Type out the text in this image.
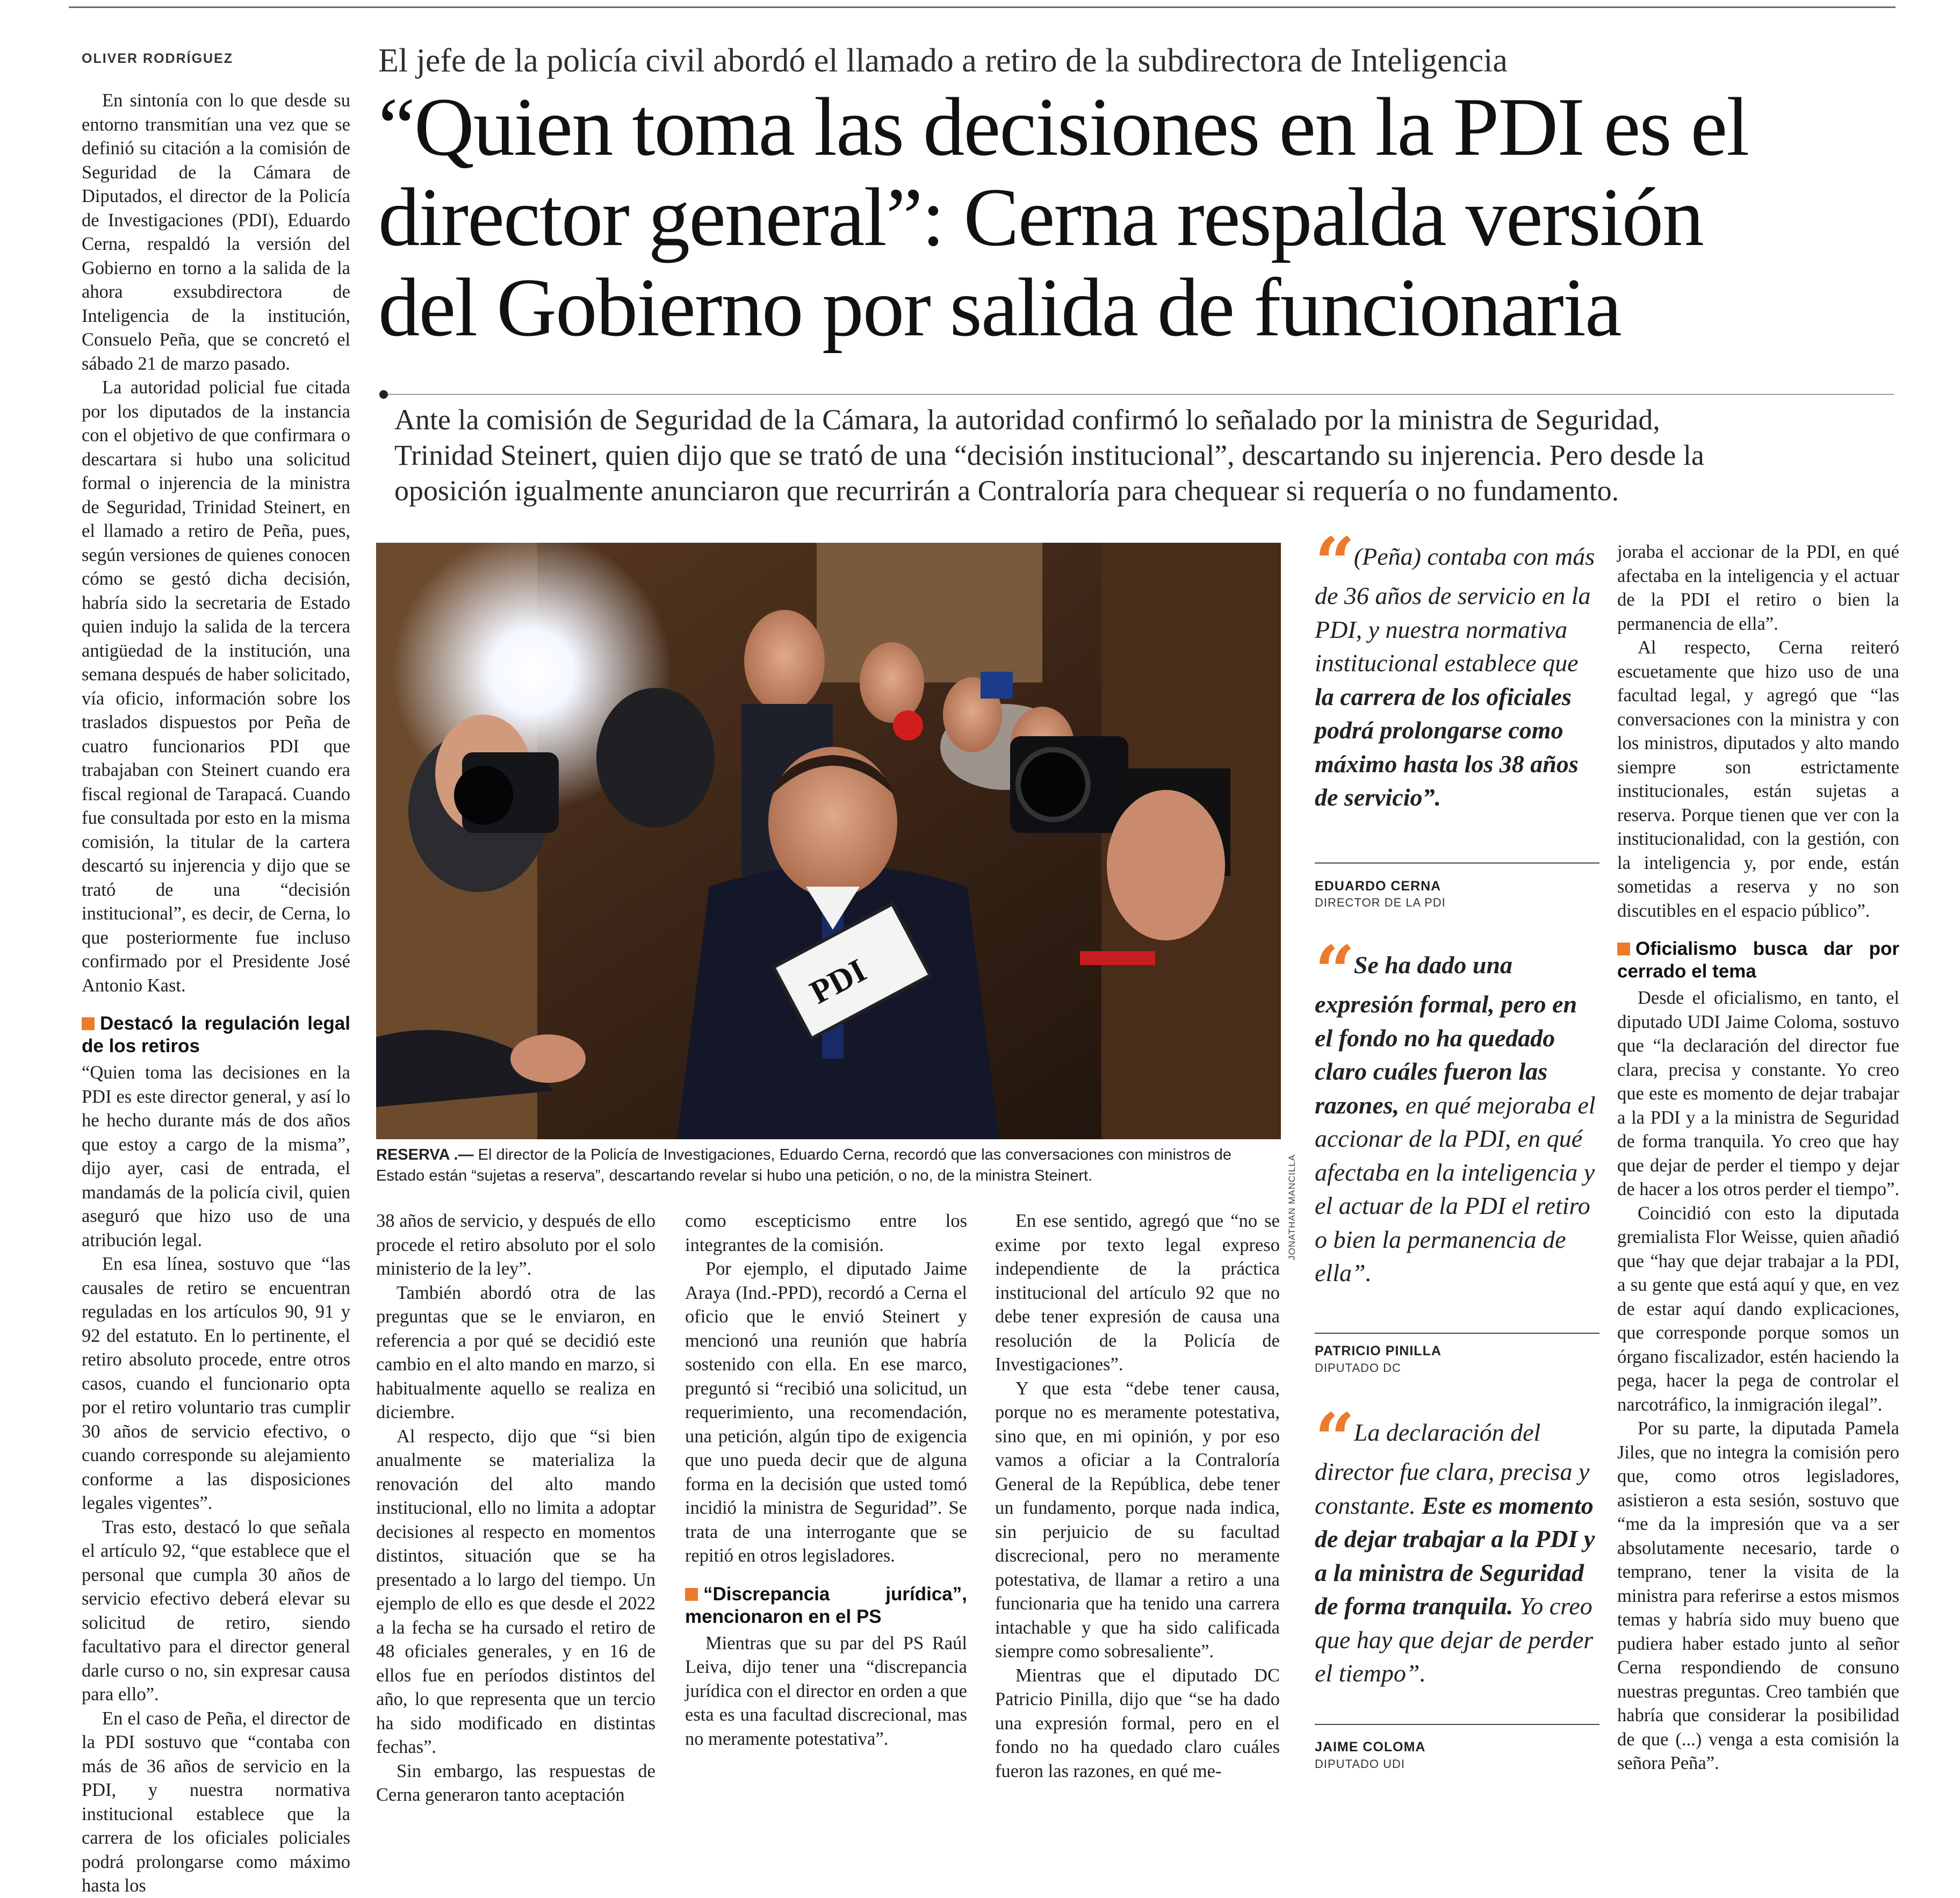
OLIVER RODRÍGUEZ

En sintonía con lo que desde su entorno transmitían una vez que se definió su citación a la comisión de Seguridad de la Cámara de Diputados, el director de la Policía de Investigaciones (PDI), Eduardo Cerna, respaldó la versión del Gobierno en torno a la salida de la ahora exsubdirectora de Inteligencia de la institución, Consuelo Peña, que se concretó el sábado 21 de marzo pasado.

La autoridad policial fue citada por los diputados de la instancia con el objetivo de que confirmara o descartara si hubo una solicitud formal o injerencia de la ministra de Seguridad, Trinidad Steinert, en el llamado a retiro de Peña, pues, según versiones de quienes conocen cómo se gestó dicha decisión, habría sido la secretaria de Estado quien indujo la salida de la tercera antigüedad de la institución, una semana después de haber solicitado, vía oficio, información sobre los traslados dispuestos por Peña de cuatro funcionarios PDI que trabajaban con Steinert cuando era fiscal regional de Tarapacá. Cuando fue consultada por esto en la misma comisión, la titular de la cartera descartó su injerencia y dijo que se trató de una “decisión institucional”, es decir, de Cerna, lo que posteriormente fue incluso confirmado por el Presidente José Antonio Kast.

Destacó la regulación legal de los retiros

“Quien toma las decisiones en la PDI es este director general, y así lo he hecho durante más de dos años que estoy a cargo de la misma”, dijo ayer, casi de entrada, el mandamás de la policía civil, quien aseguró que hizo uso de una atribución legal.

En esa línea, sostuvo que “las causales de retiro se encuentran reguladas en los artículos 90, 91 y 92 del estatuto. En lo pertinente, el retiro absoluto procede, entre otros casos, cuando el funcionario opta por el retiro voluntario tras cumplir 30 años de servicio efectivo, o cuando corresponde su alejamiento conforme a las disposiciones legales vigentes”.

Tras esto, destacó lo que señala el artículo 92, “que establece que el personal que cumpla 30 años de servicio efectivo deberá elevar su solicitud de retiro, siendo facultativo para el director general darle curso o no, sin expresar causa para ello”.

En el caso de Peña, el director de la PDI sostuvo que “contaba con más de 36 años de servicio en la PDI, y nuestra normativa institucional establece que la carrera de los oficiales policiales podrá prolongarse como máximo hasta los

El jefe de la policía civil abordó el llamado a retiro de la subdirectora de Inteligencia
“Quien toma las decisiones en la PDI es el
director general”: Cerna respalda versión
del Gobierno por salida de funcionaria
Ante la comisión de Seguridad de la Cámara, la autoridad confirmó lo señalado por la ministra de Seguridad,
Trinidad Steinert, quien dijo que se trató de una “decisión institucional”, descartando su injerencia. Pero desde la
oposición igualmente anunciaron que recurrirán a Contraloría para chequear si requería o no fundamento.
PDI
JONATHAN MANCILLA
RESERVA .— El director de la Policía de Investigaciones, Eduardo Cerna, recordó que las conversaciones con ministros de Estado están “sujetas a reserva”, descartando revelar si hubo una petición, o no, de la ministra Steinert.

38 años de servicio, y después de ello procede el retiro absoluto por el solo ministerio de la ley”.

También abordó otra de las preguntas que se le enviaron, en referencia a por qué se decidió este cambio en el alto mando en marzo, si habitualmente aquello se realiza en diciembre.

Al respecto, dijo que “si bien anualmente se materializa la renovación del alto mando institucional, ello no limita a adoptar decisiones al respecto en momentos distintos, situación que se ha presentado a lo largo del tiempo. Un ejemplo de ello es que desde el 2022 a la fecha se ha cursado el retiro de 48 oficiales generales, y en 16 de ellos fue en períodos distintos del año, lo que representa que un tercio ha sido modificado en distintas fechas”.

Sin embargo, las respuestas de Cerna generaron tanto aceptación

como escepticismo entre los integrantes de la comisión.

Por ejemplo, el diputado Jaime Araya (Ind.-PPD), recordó a Cerna el oficio que le envió Steinert y mencionó una reunión que habría sostenido con ella. En ese marco, preguntó si “recibió una solicitud, un requerimiento, una recomendación, una petición, algún tipo de exigencia que uno pueda decir que de alguna forma en la decisión que usted tomó incidió la ministra de Seguridad”. Se trata de una interrogante que se repitió en otros legisladores.

“Discrepancia jurídica”, mencionaron en el PS

Mientras que su par del PS Raúl Leiva, dijo tener una “discrepancia jurídica con el director en orden a que esta es una facultad discrecional, mas no meramente potestativa”.

En ese sentido, agregó que “no se exime por texto legal expreso independiente de la práctica institucional del artículo 92 que no debe tener expresión de causa una resolución de la Policía de Investigaciones”.

Y que esta “debe tener causa, porque no es meramente potestativa, sino que, en mi opinión, y por eso vamos a oficiar a la Contraloría General de la República, debe tener un fundamento, porque nada indica, sin perjuicio de su facultad discrecional, pero no meramente potestativa, de llamar a retiro a una funcionaria que ha tenido una carrera intachable y que ha sido calificada siempre como sobresaliente”.

Mientras que el diputado DC Patricio Pinilla, dijo que “se ha dado una expresión formal, pero en el fondo no ha quedado claro cuáles fueron las razones, en qué me-

“ (Peña) contaba con más de 36 años de servicio en la PDI, y nuestra normativa institucional establece que la carrera de los oficiales podrá prolongarse como máximo hasta los 38 años de servicio”.
EDUARDO CERNA
DIRECTOR DE LA PDI
“ Se ha dado una expresión formal, pero en el fondo no ha quedado claro cuáles fueron las razones, en qué mejoraba el accionar de la PDI, en qué afectaba en la inteligencia y el actuar de la PDI el retiro o bien la permanencia de ella”.
PATRICIO PINILLA
DIPUTADO DC
“ La declaración del director fue clara, precisa y constante. Este es momento de dejar trabajar a la PDI y a la ministra de Seguridad de forma tranquila. Yo creo que hay que dejar de perder el tiempo”.
JAIME COLOMA
DIPUTADO UDI

joraba el accionar de la PDI, en qué afectaba en la inteligencia y el actuar de la PDI el retiro o bien la permanencia de ella”.

Al respecto, Cerna reiteró escuetamente que hizo uso de una facultad legal, y agregó que “las conversaciones con la ministra y con los ministros, diputados y alto mando siempre son estrictamente institucionales, están sujetas a reserva. Porque tienen que ver con la institucionalidad, con la gestión, con la inteligencia y, por ende, están sometidas a reserva y no son discutibles en el espacio público”.

Oficialismo busca dar por cerrado el tema

Desde el oficialismo, en tanto, el diputado UDI Jaime Coloma, sostuvo que “la declaración del director fue clara, precisa y constante. Yo creo que este es momento de dejar trabajar a la PDI y a la ministra de Seguridad de forma tranquila. Yo creo que hay que dejar de perder el tiempo y dejar de hacer a los otros perder el tiempo”.

Coincidió con esto la diputada gremialista Flor Weisse, quien añadió que “hay que dejar trabajar a la PDI, a su gente que está aquí y que, en vez de estar aquí dando explicaciones, que corresponde porque somos un órgano fiscalizador, estén haciendo la pega, hacer la pega de controlar el narcotráfico, la inmigración ilegal”.

Por su parte, la diputada Pamela Jiles, que no integra la comisión pero que, como otros legisladores, asistieron a esta sesión, sostuvo que “me da la impresión que va a ser absolutamente necesario, tarde o temprano, tener la visita de la ministra para referirse a estos mismos temas y habría sido muy bueno que pudiera haber estado junto al señor Cerna respondiendo de consuno nuestras preguntas. Creo también que habría que considerar la posibilidad de que (...) venga a esta comisión la señora Peña”.
